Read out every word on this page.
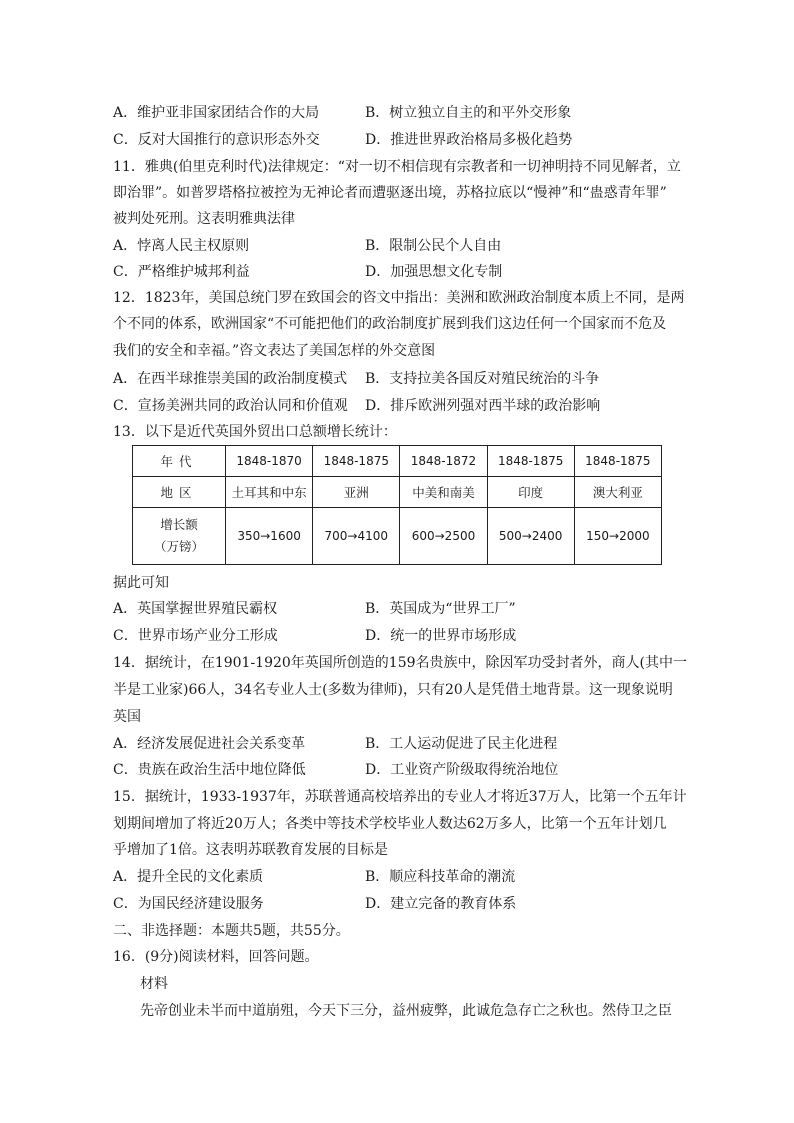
A．维护亚非国家团结合作的大局	B．树立独立自主的和平外交形象
C．反对大国推行的意识形态外交	D．推进世界政治格局多极化趋势
11．雅典(伯里克利时代)法律规定：“对一切不相信现有宗教者和一切神明持不同见解者，立
即治罪”。如普罗塔格拉被控为无神论者而遭驱逐出境，苏格拉底以“慢神”和“蛊惑青年罪”
被判处死刑。这表明雅典法律
A．悖离人民主权原则	B．限制公民个人自由
C．严格维护城邦利益	D．加强思想文化专制
12．1823年，美国总统门罗在致国会的咨文中指出：美洲和欧洲政治制度本质上不同，是两
个不同的体系，欧洲国家“不可能把他们的政治制度扩展到我们这边任何一个国家而不危及
我们的安全和幸福。”咨文表达了美国怎样的外交意图
A．在西半球推崇美国的政治制度模式 B．支持拉美各国反对殖民统治的斗争
C．宣扬美洲共同的政治认同和价值观 D．排斥欧洲列强对西半球的政治影响
13．以下是近代英国外贸出口总额增长统计：
年代	1848-1870	1848-1875	1848-1872	1848-1875	1848-1875
地区	土耳其和中东	亚洲	中美和南美	印度	澳大利亚

增长额
（万镑）	350→1600	700→4100	600→2500	500→2400	150→2000
据此可知
A．英国掌握世界殖民霸权	B．英国成为“世界工厂”
C．世界市场产业分工形成	D．统一的世界市场形成
14．据统计，在1901-1920年英国所创造的159名贵族中，除因军功受封者外，商人(其中一
半是工业家)66人，34名专业人士(多数为律师)，只有20人是凭借土地背景。这一现象说明
英国
A．经济发展促进社会关系变革	B．工人运动促进了民主化进程
C．贵族在政治生活中地位降低	D．工业资产阶级取得统治地位
15．据统计，1933-1937年，苏联普通高校培养出的专业人才将近37万人，比第一个五年计
划期间增加了将近20万人；各类中等技术学校毕业人数达62万多人，比第一个五年计划几
乎增加了1倍。这表明苏联教育发展的目标是
A．提升全民的文化素质	B．顺应科技革命的潮流
C．为国民经济建设服务	D．建立完备的教育体系
二、非选择题：本题共5题，共55分。
16．(9分)阅读材料，回答问题。
材料
先帝创业未半而中道崩殂，今天下三分，益州疲弊，此诚危急存亡之秋也。然侍卫之臣
